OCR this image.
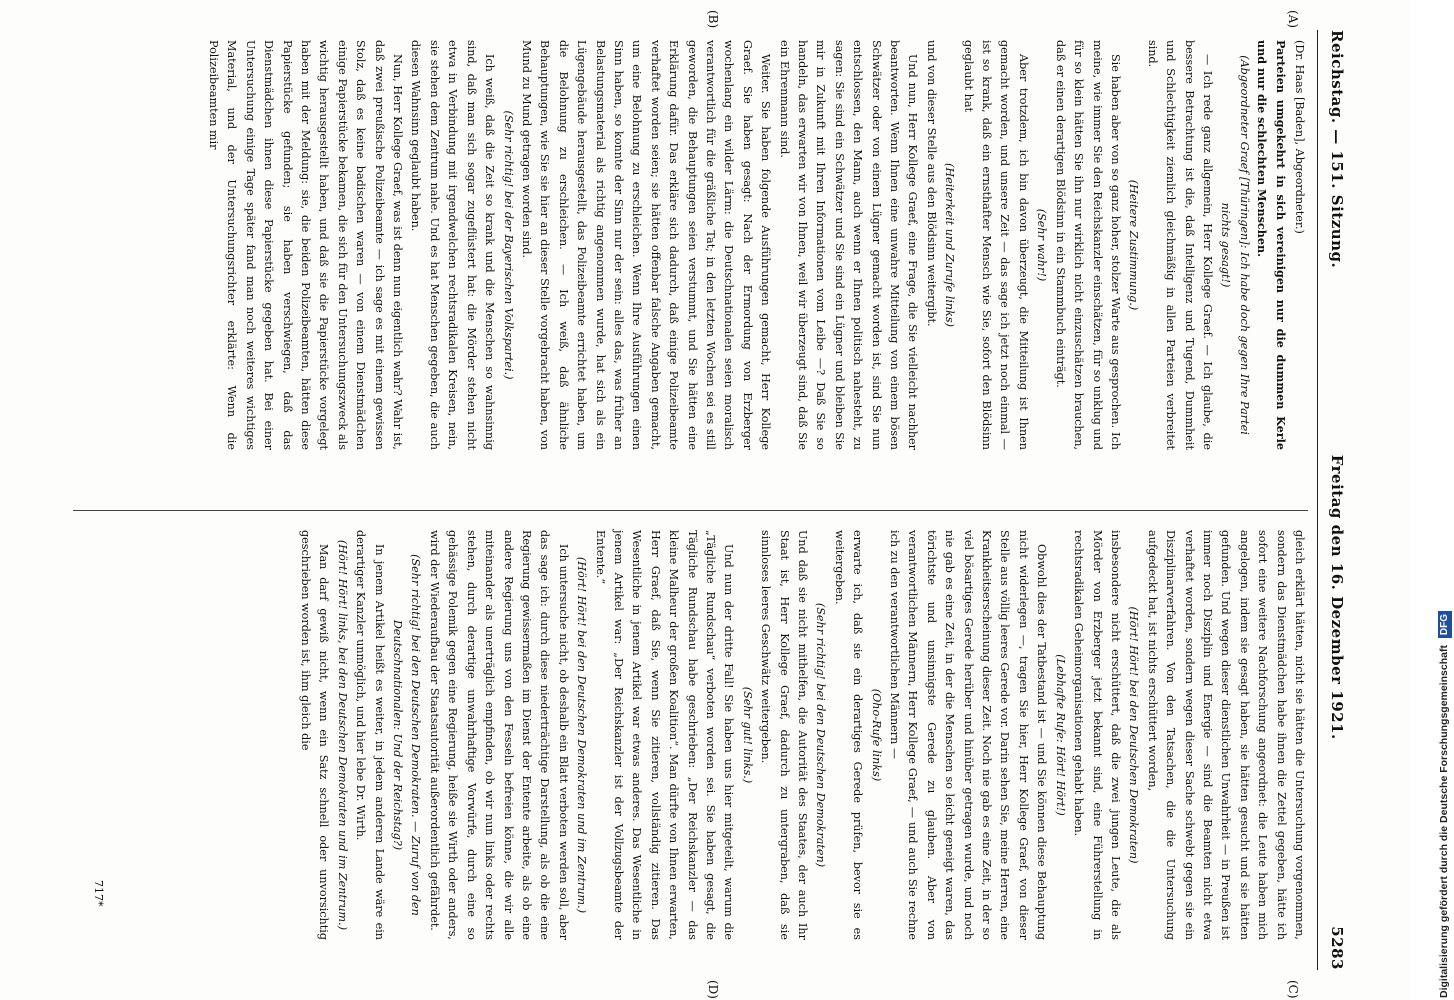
Reichstag. — 151. Sitzung.
Freitag den 16. Dezember 1921.
5283
(A)
(B)
(C)
(D)

(Dr. Haas [Baden], Abgeordneter.)

Parteien umgekehrt in sich vereinigen nur die dummen Kerle und nur die schlechten Menschen.

(Abgeordneter Graef [Thüringen]: Ich habe doch gegen Ihre Partei nichts gesagt!)

— Ich rede ganz allgemein, Herr Kollege Graef. — Ich glaube, die bessere Betrachtung ist die, daß Intelligenz und Tugend, Dummheit und Schlechtigkeit ziemlich gleichmäßig in allen Parteien verbreitet sind.

(Heitere Zustimmung.)

Sie haben aber von so ganz hoher, stolzer Warte aus gesprochen. Ich meine, wie immer Sie den Reichskanzler einschätzen, für so unklug und für so klein hätten Sie ihn nur wirklich nicht einzuschätzen brauchen, daß er einen derartigen Blödsinn in ein Stammbuch einträgt.

(Sehr wahr!)

Aber trotzdem, ich bin davon überzeugt, die Mitteilung ist Ihnen gemacht worden, und unsere Zeit — das sage ich jetzt noch einmal — ist so krank, daß ein ernsthafter Mensch wie Sie, sofort den Blödsinn geglaubt hat

(Heiterkeit und Zurufe links)

und von dieser Stelle aus den Blödsinn weitergibt.

Und nun, Herr Kollege Graef, eine Frage, die Sie vielleicht nachher beantworten. Wenn Ihnen eine unwahre Mitteilung von einem bösen Schwätzer oder von einem Lügner gemacht worden ist, sind Sie nun entschlossen, den Mann, auch wenn er Ihnen politisch nahesteht, zu sagen: Sie sind ein Schwätzer und Sie sind ein Lügner und bleiben Sie mir in Zukunft mit Ihren Informationen vom Leibe —? Daß Sie so handeln, das erwarten wir von Ihnen, weil wir überzeugt sind, daß Sie ein Ehrenmann sind.

Weiter. Sie haben folgende Ausführungen gemacht, Herr Kollege Graef. Sie haben gesagt: Nach der Ermordung von Erzberger wochenlang ein wilder Lärm: die Deutschnationalen seien moralisch verantwortlich für die gräßliche Tat; in den letzten Wochen sei es still geworden, die Behauptungen seien verstummt, und Sie hätten eine Erklärung dafür. Das erkläre sich dadurch, daß einige Polizeibeamte verhaftet worden seien; sie hätten offenbar falsche Angaben gemacht, um eine Belohnung zu erschleichen. Wenn Ihre Ausführungen einen Sinn haben, so konnte der Sinn nur der sein: alles das, was früher an Belastungsmaterial als richtig angenommen wurde, hat sich als ein Lügengebäude herausgestellt, das Polizeibeamte errichtet haben, um die Belohnung zu erschleichen. — Ich weiß, daß ähnliche Behauptungen, wie Sie sie hier an dieser Stelle vorgebracht haben, von Mund zu Mund getragen worden sind.

(Sehr richtig! bei der Bayerischen Volkspartei.)

Ich weiß, daß die Zeit so krank und die Menschen so wahnsinnig sind, daß man sich sogar zugeflüstert hat: die Mörder stehen nicht etwa in Verbindung mit irgendwelchen rechtsradikalen Kreisen, nein, sie stehen dem Zentrum nahe. Und es hat Menschen gegeben, die auch diesen Wahnsinn geglaubt haben.

Nun, Herr Kollege Graef, was ist denn nun eigentlich wahr? Wahr ist, daß zwei preußische Polizeibeamte — ich sage es mit einem gewissen Stolz, daß es keine badischen waren — von einem Dienstmädchen einige Papierstücke bekamen, die sich für den Untersuchungszweck als wichtig herausgestellt haben, und daß sie die Papierstücke vorgelegt haben mit der Meldung: sie, die beiden Polizeibeamten, hätten diese Papierstücke gefunden; sie haben verschwiegen, daß das Dienstmädchen ihnen diese Papierstücke gegeben hat. Bei einer Untersuchung einige Tage später fand man noch weiteres wichtiges Material, und der Untersuchungsrichter erklärte: Wenn die Polizeibeamten mir

gleich erklärt hätten, nicht sie hätten die Untersuchung vorgenommen, sondern das Dienstmädchen habe ihnen die Zettel gegeben, hätte ich sofort eine weitere Nachforschung angeordnet: die Leute haben mich angelogen, indem sie gesagt haben, sie hätten gesucht und sie hätten gefunden. Und wegen dieser dienstlichen Unwahrheit — in Preußen ist immer noch Disziplin und Energie — sind die Beamten nicht etwa verhaftet worden, sondern wegen dieser Sache schwebt gegen sie ein Disziplinarverfahren. Von den Tatsachen, die die Untersuchung aufgedeckt hat, ist nichts erschüttert worden,

(Hört! Hört! bei den Deutschen Demokraten)

insbesondere nicht erschüttert, daß die zwei jungen Leute, die als Mörder von Erzberger jetzt bekannt sind, eine Führerstellung in rechtsradikalen Geheimorganisationen gehabt haben.

(Lebhafte Rufe: Hört! Hört!)

Obwohl dies der Tatbestand ist — und Sie können diese Behauptung nicht widerlegen —, tragen Sie hier, Herr Kollege Graef, von dieser Stelle aus völlig leeres Gerede vor. Darin sehen Sie, meine Herren, eine Krankheitserscheinung dieser Zeit. Noch nie gab es eine Zeit, in der so viel bösartiges Gerede herüber und hinüber getragen wurde, und noch nie gab es eine Zeit, in der die Menschen so leicht geneigt waren, das törichtste und unsinnigste Gerede zu glauben. Aber von verantwortlichen Männern, Herr Kollege Graef, — und auch Sie rechne ich zu den verantwortlichen Männern —

(Oho-Rufe links)

erwarte ich, daß sie ein derartiges Gerede prüfen, bevor sie es weitergeben.

(Sehr richtig! bei den Deutschen Demokraten)

Und daß sie nicht mithelfen, die Autorität des Staates, der auch Ihr Staat ist, Herr Kollege Graef, dadurch zu untergraben, daß sie sinnloses leeres Geschwätz weitergeben.

(Sehr gut! links.)

Und nun der dritte Fall! Sie haben uns hier mitgeteilt, warum die „Tägliche Rundschau“ verboten worden sei. Sie haben gesagt, die Tägliche Rundschau habe geschrieben: „Der Reichskanzler — das kleine Malheur der großen Koalition“. Man dürfte von Ihnen erwarten, Herr Graef, daß Sie, wenn Sie zitieren, vollständig zitieren. Das Wesentliche in jenem Artikel war etwas anderes. Das Wesentliche in jenem Artikel war: „Der Reichskanzler ist der Vollzugsbeamte der Entente.“

(Hört! Hört! bei den Deutschen Demokraten und im Zentrum.)

Ich untersuche nicht, ob deshalb ein Blatt verboten werden soll, aber das sage ich: durch diese niederträchtige Darstellung, als ob die eine Regierung gewissermaßen im Dienst der Entente arbeite, als ob eine andere Regierung uns von den Fesseln befreien könne, die wir alle miteinander als unerträglich empfinden, ob wir nun links oder rechts stehen, durch derartige unwahrhaftige Vorwürfe, durch eine so gehässige Polemik gegen eine Regierung, heiße sie Wirth oder anders, wird der Wiederaufbau der Staatsautorität außerordentlich gefährdet.

(Sehr richtig! bei den Deutschen Demokraten. — Zuruf von den Deutschnationalen: Und der Reichstag?)

In jenem Artikel heißt es weiter, in jedem anderen Lande wäre ein derartiger Kanzler unmöglich, und hier lebe Dr. Wirth.

(Hört! Hört! links, bei den Deutschen Demokraten und im Zentrum.)

Man darf gewiß nicht, wenn ein Satz schnell oder unvorsichtig geschrieben worden ist, ihm gleich die

717*	Digitalisierung gefördert durch die Deutsche Forschungsgemeinschaft DFG
